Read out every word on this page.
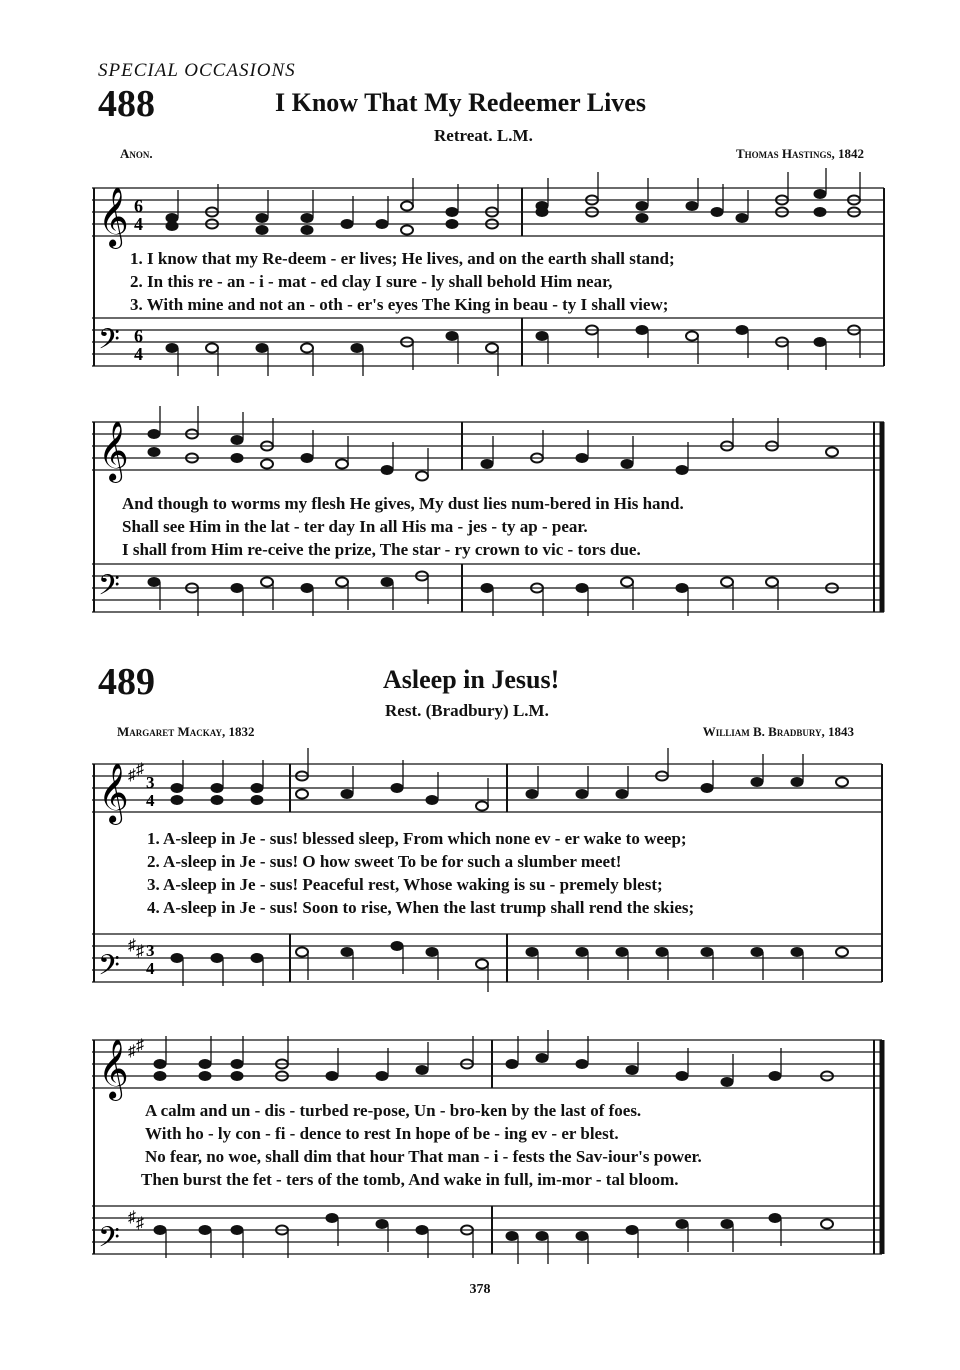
SPECIAL OCCASIONS
488	I Know That My Redeemer Lives
Retreat. L.M.
Anon.	Thomas Hastings, 1842
𝄞
𝄢
6
4
6
4
1. I know that my Re-deem - er lives; He lives, and on the earth shall stand;
2. In this re - an - i - mat - ed clay I sure - ly shall behold Him near,
3. With mine and not an - oth - er's eyes The King in beau - ty I shall view;
𝄞
𝄢
And though to worms my flesh He gives, My dust lies num-bered in His hand.
Shall see Him in the lat - ter day In all His ma - jes - ty ap - pear.
I shall from Him re-ceive the prize, The star - ry crown to vic - tors due.
489	Asleep in Jesus!
Rest. (Bradbury) L.M.
Margaret Mackay, 1832	William B. Bradbury, 1843
𝄞
𝄢
♯ ♯
♯ ♯
3
4
3
4
1. A-sleep in Je - sus! blessed sleep, From which none ev - er wake to weep;
2. A-sleep in Je - sus! O how sweet To be for such a slumber meet!
3. A-sleep in Je - sus! Peaceful rest, Whose waking is su - premely blest;
4. A-sleep in Je - sus! Soon to rise, When the last trump shall rend the skies;
𝄞
𝄢
♯ ♯
♯ ♯
A calm and un - dis - turbed re-pose, Un - bro-ken by the last of foes.
With ho - ly con - fi - dence to rest In hope of be - ing ev - er blest.
No fear, no woe, shall dim that hour That man - i - fests the Sav-iour's power.
Then burst the fet - ters of the tomb, And wake in full, im-mor - tal bloom.
378
